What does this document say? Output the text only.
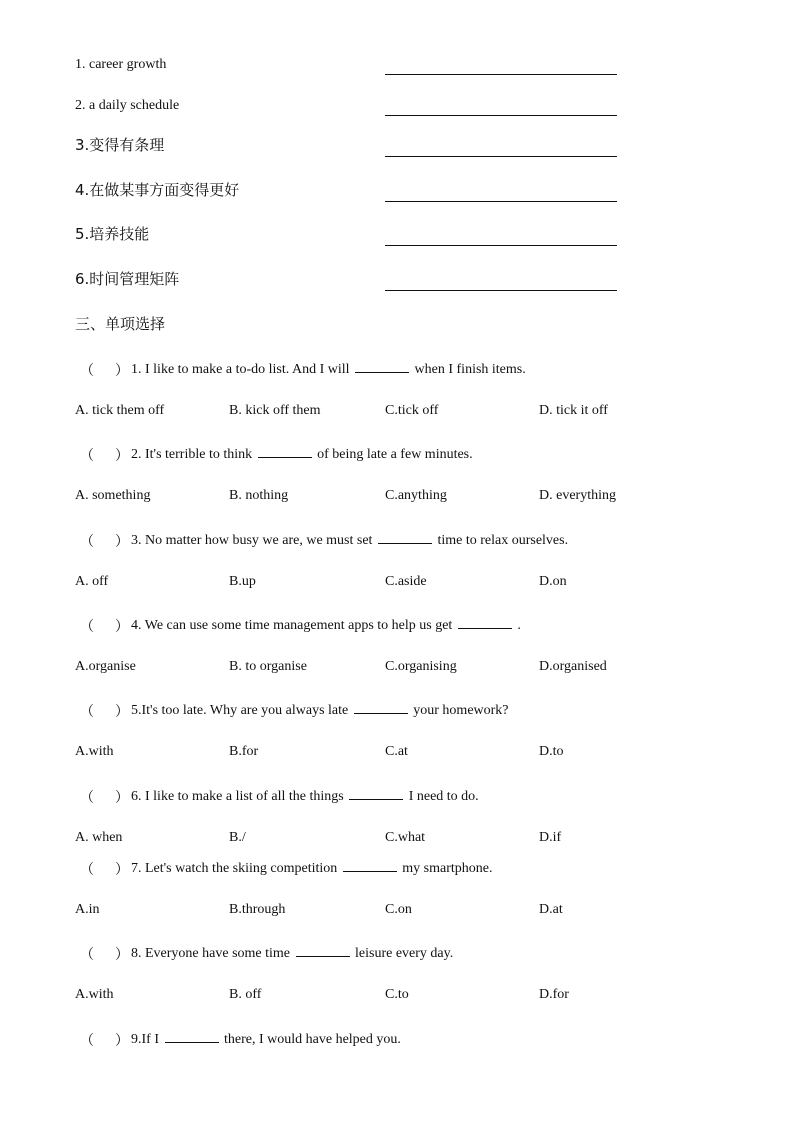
1. career growth
2. a daily schedule
3.变得有条理
4.在做某事方面变得更好
5.培养技能
6.时间管理矩阵
三、单项选择
（ ） 1. I like to make a to-do list. And I will	when I finish items.
A. tick them off	B. kick off them	C.tick off	D. tick it off
（ ） 2. It's terrible to think	of being late a few minutes.
A. something	B. nothing	C.anything	D. everything
（ ） 3. No matter how busy we are, we must set	time to relax ourselves.
A. off	B.up	C.aside	D.on
（ ） 4. We can use some time management apps to help us get	.
A.organise	B. to organise	C.organising	D.organised
（ ） 5.It's too late. Why are you always late	your homework?
A.with	B.for	C.at	D.to
（ ） 6. I like to make a list of all the things	I need to do.
A. when	B./	C.what	D.if
（ ） 7. Let's watch the skiing competition	my smartphone.
A.in	B.through	C.on	D.at
（ ） 8. Everyone have some time	leisure every day.
A.with	B. off	C.to	D.for
（ ） 9.If I	there, I would have helped you.
